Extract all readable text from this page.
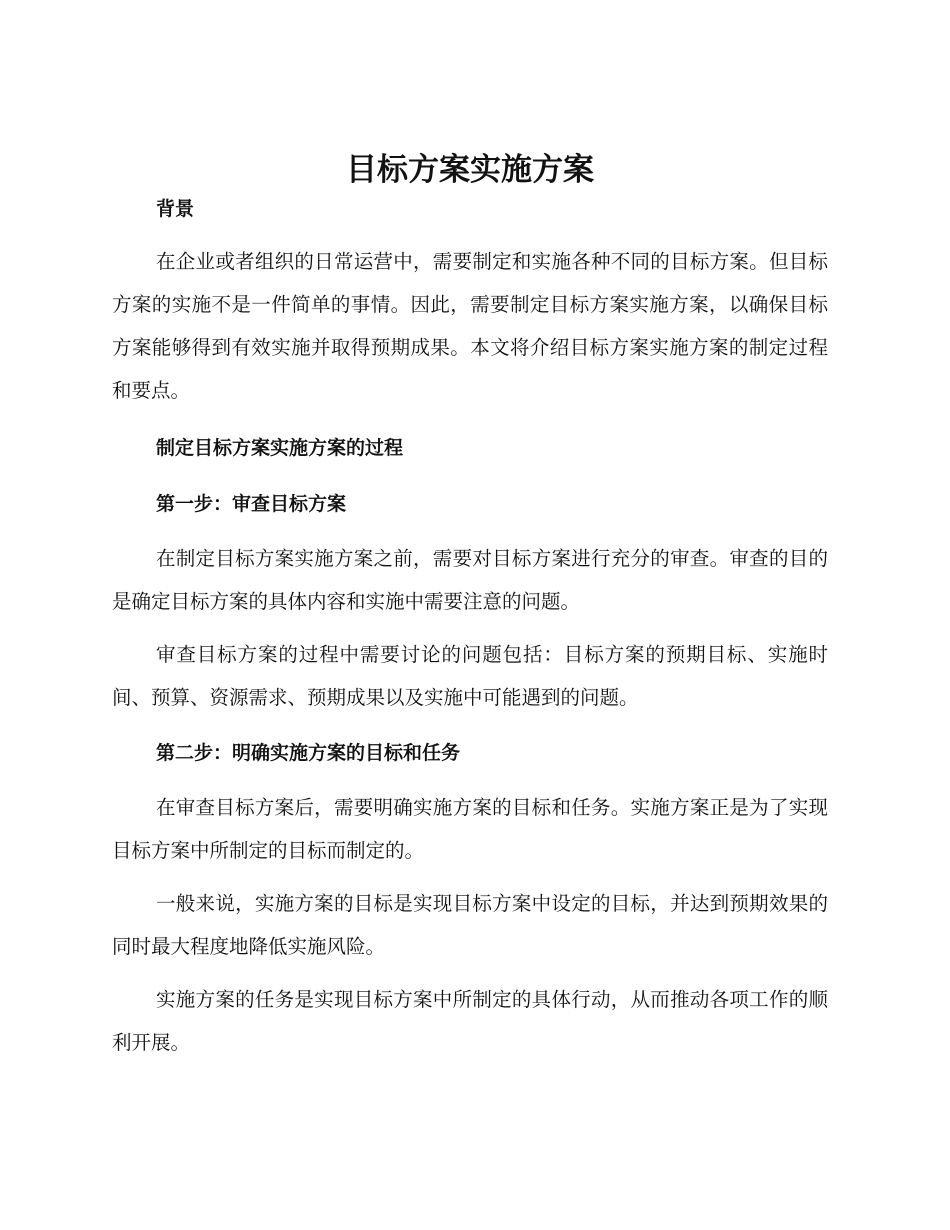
目标方案实施方案
背景

在企业或者组织的日常运营中，需要制定和实施各种不同的目标方案。但目标方案的实施不是一件简单的事情。因此，需要制定目标方案实施方案，以确保目标方案能够得到有效实施并取得预期成果。本文将介绍目标方案实施方案的制定过程和要点。

制定目标方案实施方案的过程
第一步：审查目标方案

在制定目标方案实施方案之前，需要对目标方案进行充分的审查。审查的目的是确定目标方案的具体内容和实施中需要注意的问题。

审查目标方案的过程中需要讨论的问题包括：目标方案的预期目标、实施时间、预算、资源需求、预期成果以及实施中可能遇到的问题。

第二步：明确实施方案的目标和任务

在审查目标方案后，需要明确实施方案的目标和任务。实施方案正是为了实现目标方案中所制定的目标而制定的。

一般来说，实施方案的目标是实现目标方案中设定的目标，并达到预期效果的同时最大程度地降低实施风险。

实施方案的任务是实现目标方案中所制定的具体行动，从而推动各项工作的顺利开展。
